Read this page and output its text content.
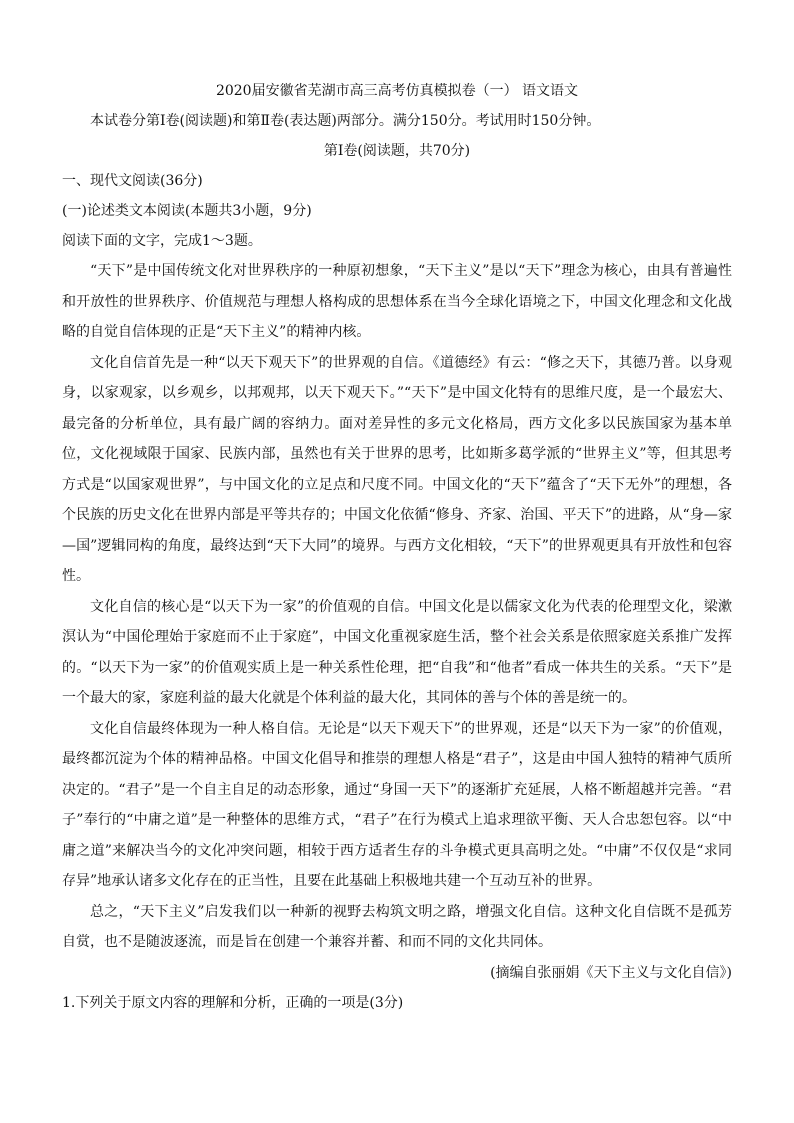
2020届安徽省芜湖市高三高考仿真模拟卷（一） 语文语文

本试卷分第Ⅰ卷(阅读题)和第Ⅱ卷(表达题)两部分。满分150分。考试用时150分钟。

第Ⅰ卷(阅读题，共70分)

一、现代文阅读(36分)

(一)论述类文本阅读(本题共3小题，9分)

阅读下面的文字，完成1～3题。

“天下”是中国传统文化对世界秩序的一种原初想象，“天下主义”是以“天下”理念为核心，由具有普遍性和开放性的世界秩序、价值规范与理想人格构成的思想体系在当今全球化语境之下，中国文化理念和文化战略的自觉自信体现的正是“天下主义”的精神内核。

文化自信首先是一种“以天下观天下”的世界观的自信。《道德经》有云：“修之天下，其德乃普。以身观身，以家观家，以乡观乡，以邦观邦，以天下观天下。”“天下”是中国文化特有的思维尺度，是一个最宏大、最完备的分析单位，具有最广阔的容纳力。面对差异性的多元文化格局，西方文化多以民族国家为基本单位，文化视域限于国家、民族内部，虽然也有关于世界的思考，比如斯多葛学派的“世界主义”等，但其思考方式是“以国家观世界”，与中国文化的立足点和尺度不同。中国文化的“天下”蕴含了“天下无外”的理想，各个民族的历史文化在世界内部是平等共存的；中国文化依循“修身、齐家、治国、平天下”的进路，从“身—家—国”逻辑同构的角度，最终达到“天下大同”的境界。与西方文化相较，“天下”的世界观更具有开放性和包容性。

文化自信的核心是“以天下为一家”的价值观的自信。中国文化是以儒家文化为代表的伦理型文化，梁漱溟认为“中国伦理始于家庭而不止于家庭”，中国文化重视家庭生活，整个社会关系是依照家庭关系推广发挥的。“以天下为一家”的价值观实质上是一种关系性伦理，把“自我”和“他者”看成一体共生的关系。“天下”是一个最大的家，家庭利益的最大化就是个体利益的最大化，其同体的善与个体的善是统一的。

文化自信最终体现为一种人格自信。无论是“以天下观天下”的世界观，还是“以天下为一家”的价值观，最终都沉淀为个体的精神品格。中国文化倡导和推崇的理想人格是“君子”，这是由中国人独特的精神气质所决定的。“君子”是一个自主自足的动态形象，通过“身国一天下”的逐渐扩充延展，人格不断超越并完善。“君子”奉行的“中庸之道”是一种整体的思维方式，“君子”在行为模式上追求理欲平衡、天人合忠恕包容。以“中庸之道”来解决当今的文化冲突问题，相较于西方适者生存的斗争模式更具高明之处。“中庸”不仅仅是“求同存异”地承认诸多文化存在的正当性，且要在此基础上积极地共建一个互动互补的世界。

总之，“天下主义”启发我们以一种新的视野去构筑文明之路，增强文化自信。这种文化自信既不是孤芳自赏，也不是随波逐流，而是旨在创建一个兼容并蓄、和而不同的文化共同体。

(摘编自张丽娟《天下主义与文化自信》)

1.下列关于原文内容的理解和分析，正确的一项是(3分)
